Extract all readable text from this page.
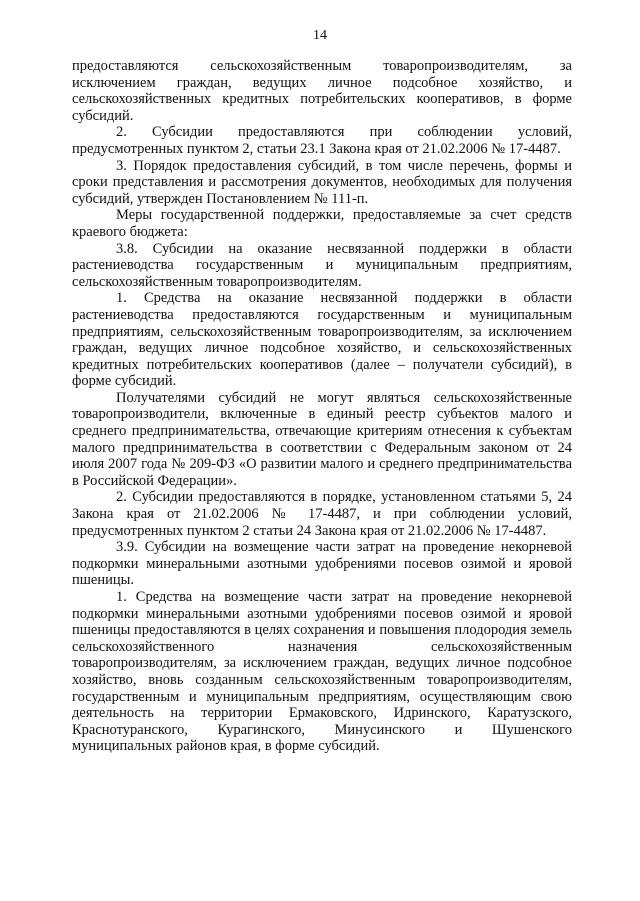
14

предоставляются сельскохозяйственным товаропроизводителям, за исключением граждан, ведущих личное подсобное хозяйство, и сельскохозяйственных кредитных потребительских кооперативов, в форме субсидий.

2. Субсидии предоставляются при соблюдении условий, предусмотренных пунктом 2, статьи 23.1 Закона края от 21.02.2006 № 17-4487.

3. Порядок предоставления субсидий, в том числе перечень, формы и сроки представления и рассмотрения документов, необходимых для получения субсидий, утвержден Постановлением № 111-п.

Меры государственной поддержки, предоставляемые за счет средств краевого бюджета:

3.8. Субсидии на оказание несвязанной поддержки в области растениеводства государственным и муниципальным предприятиям, сельскохозяйственным товаропроизводителям.

1. Средства на оказание несвязанной поддержки в области растениеводства предоставляются государственным и муниципальным предприятиям, сельскохозяйственным товаропроизводителям, за исключением граждан, ведущих личное подсобное хозяйство, и сельскохозяйственных кредитных потребительских кооперативов (далее – получатели субсидий), в форме субсидий.

Получателями субсидий не могут являться сельскохозяйственные товаропроизводители, включенные в единый реестр субъектов малого и среднего предпринимательства, отвечающие критериям отнесения к субъектам малого предпринимательства в соответствии с Федеральным законом от 24 июля 2007 года № 209-ФЗ «О развитии малого и среднего предпринимательства в Российской Федерации».

2. Субсидии предоставляются в порядке, установленном статьями 5, 24 Закона края от 21.02.2006 № 17-4487, и при соблюдении условий, предусмотренных пунктом 2 статьи 24 Закона края от 21.02.2006 № 17-4487.

3.9. Субсидии на возмещение части затрат на проведение некорневой подкормки минеральными азотными удобрениями посевов озимой и яровой пшеницы.

1. Средства на возмещение части затрат на проведение некорневой подкормки минеральными азотными удобрениями посевов озимой и яровой пшеницы предоставляются в целях сохранения и повышения плодородия земель сельскохозяйственного назначения сельскохозяйственным товаропроизводителям, за исключением граждан, ведущих личное подсобное хозяйство, вновь созданным сельскохозяйственным товаропроизводителям, государственным и муниципальным предприятиям, осуществляющим свою деятельность на территории Ермаковского, Идринского, Каратузского, Краснотуранского, Курагинского, Минусинского и Шушенского муниципальных районов края, в форме субсидий.
